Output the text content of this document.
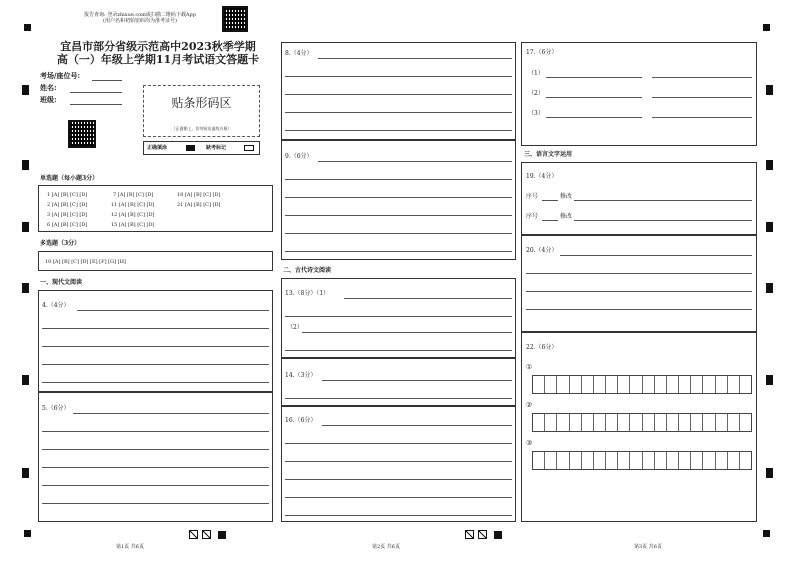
报告查询: 登录zhixue.com或扫描二维码下载App
(用户名和初始密码均为准考证号)
宜昌市部分省级示范高中2023秋季学期
高（一）年级上学期11月考试语文答题卡
考场/座位号:
姓名:
班级:	贴条形码区
（正面朝上，切勿贴出虚线方框）
正确填涂	缺考标记
单选题（每小题3分）
1 [A] [B] [C] [D]	7 [A] [B] [C] [D]	18 [A] [B] [C] [D]
2 [A] [B] [C] [D]	11 [A] [B] [C] [D]	21 [A] [B] [C] [D]
3 [A] [B] [C] [D]	12 [A] [B] [C] [D]
6 [A] [B] [C] [D]	15 [A] [B] [C] [D]
多选题（3分）
10 [A] [B] [C] [D] [E] [F] [G] [H]
一、现代文阅读
4.（4分）
5.（6分）
8.（4分）
9.（6分）
二、古代诗文阅读
13.（8分）（1）
（2）
14.（3分）
16.（6分）
17.（6分）
（1）
（2）
（3）
三、语言文字运用
19.（4分）
序号	修改
序号	修改
20.（4分）
22.（6分）
①
②
③
第1页 共6页	第2页 共6页	第3页 共6页
